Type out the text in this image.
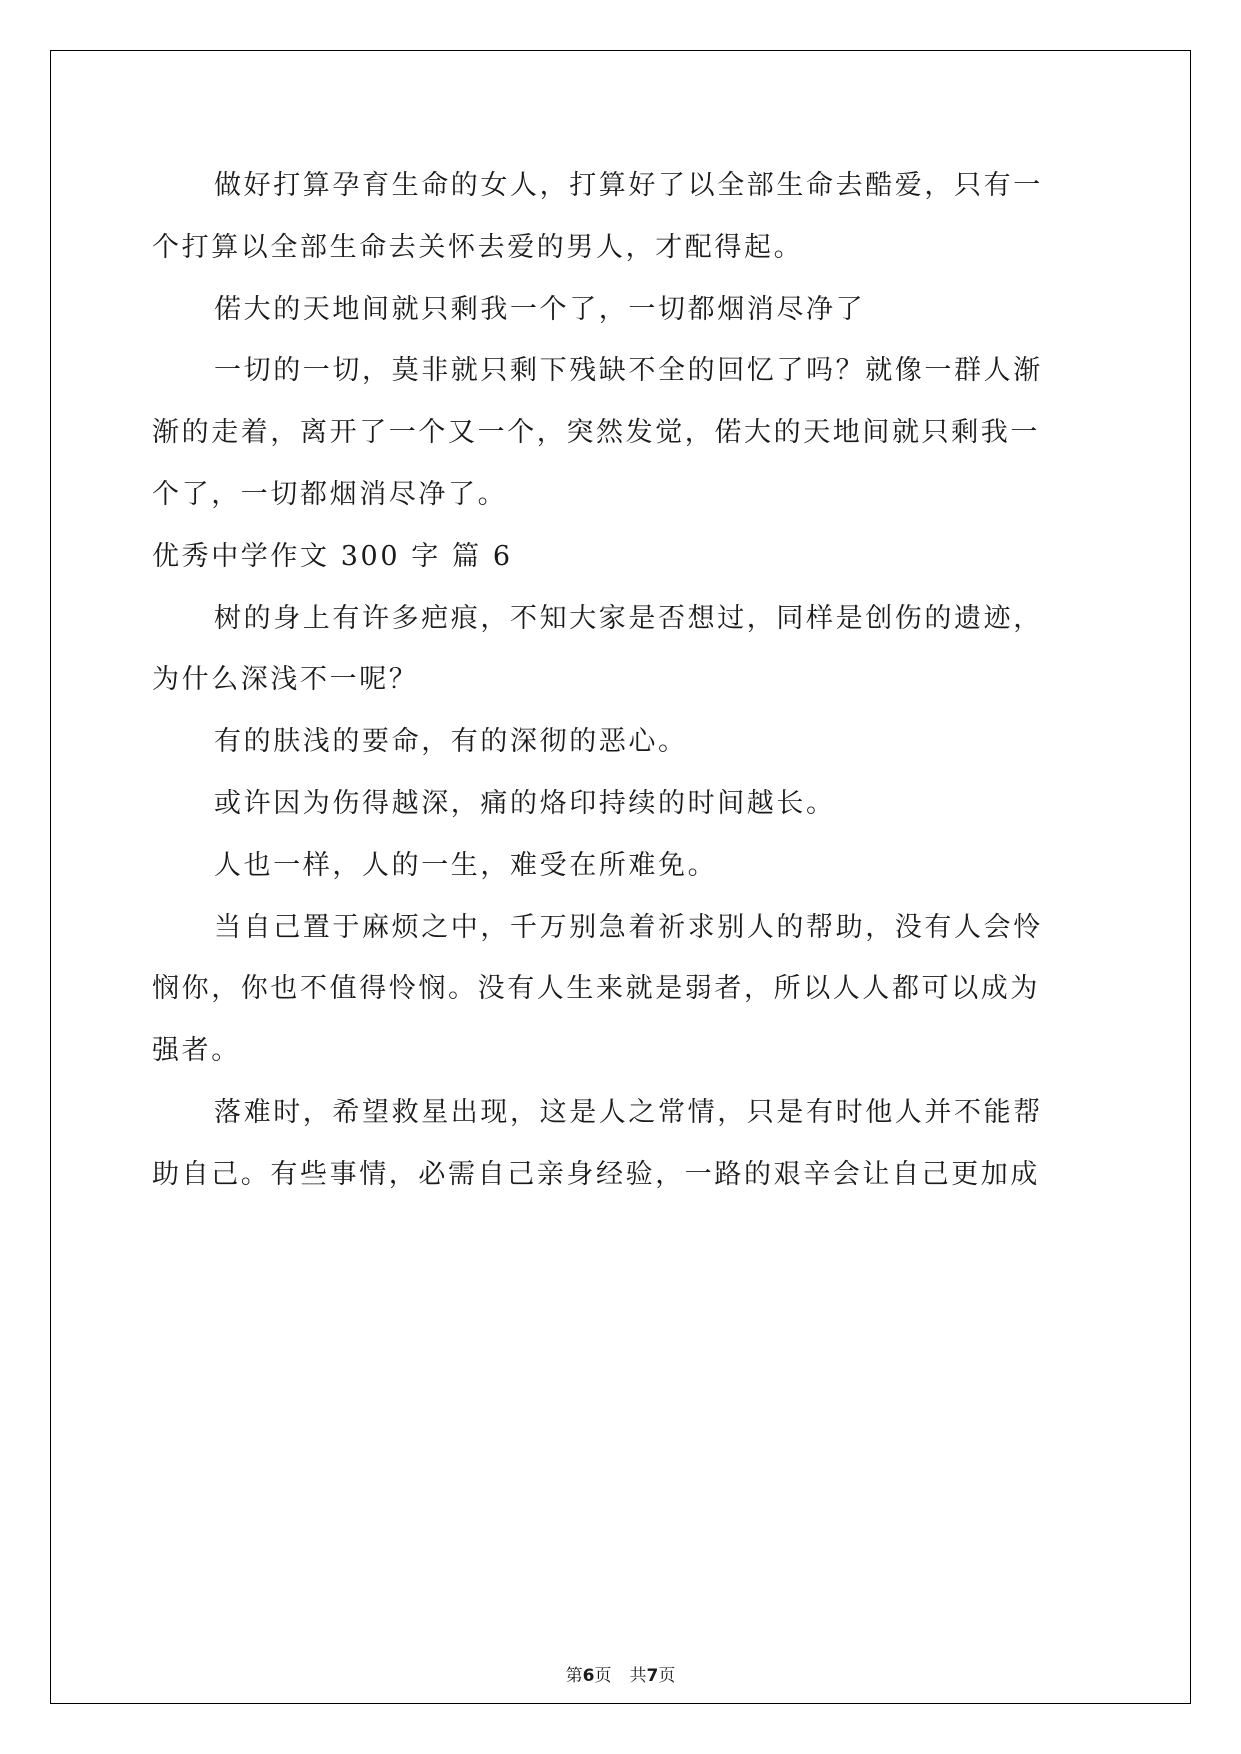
做好打算孕育生命的女人，打算好了以全部生命去酷爱，只有一
个打算以全部生命去关怀去爱的男人，才配得起。
偌大的天地间就只剩我一个了，一切都烟消尽净了
一切的一切，莫非就只剩下残缺不全的回忆了吗？就像一群人渐
渐的走着，离开了一个又一个，突然发觉，偌大的天地间就只剩我一
个了，一切都烟消尽净了。
优秀中学作文 300 字 篇 6
树的身上有许多疤痕，不知大家是否想过，同样是创伤的遗迹，
为什么深浅不一呢？
有的肤浅的要命，有的深彻的恶心。
或许因为伤得越深，痛的烙印持续的时间越长。
人也一样，人的一生，难受在所难免。
当自己置于麻烦之中，千万别急着祈求别人的帮助，没有人会怜
悯你，你也不值得怜悯。没有人生来就是弱者，所以人人都可以成为
强者。
落难时，希望救星出现，这是人之常情，只是有时他人并不能帮
助自己。有些事情，必需自己亲身经验，一路的艰辛会让自己更加成
第6页 共7页
